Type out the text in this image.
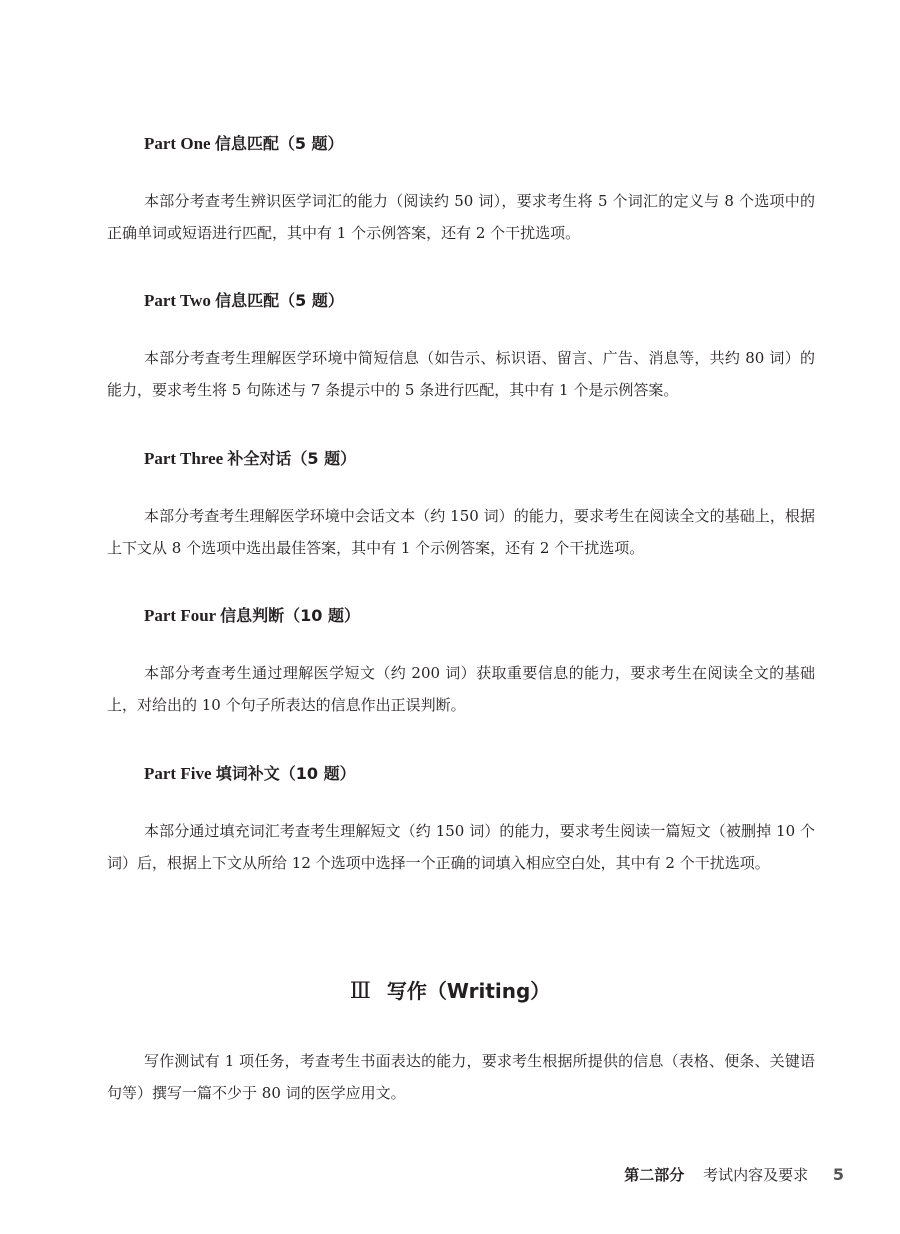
Part One 信息匹配（5 题）

本部分考查考生辨识医学词汇的能力（阅读约 50 词），要求考生将 5 个词汇的定义与 8 个选项中的正确单词或短语进行匹配，其中有 1 个示例答案，还有 2 个干扰选项。

Part Two 信息匹配（5 题）

本部分考查考生理解医学环境中简短信息（如告示、标识语、留言、广告、消息等，共约 80 词）的能力，要求考生将 5 句陈述与 7 条提示中的 5 条进行匹配，其中有 1 个是示例答案。

Part Three 补全对话（5 题）

本部分考查考生理解医学环境中会话文本（约 150 词）的能力，要求考生在阅读全文的基础上，根据上下文从 8 个选项中选出最佳答案，其中有 1 个示例答案，还有 2 个干扰选项。

Part Four 信息判断（10 题）

本部分考查考生通过理解医学短文（约 200 词）获取重要信息的能力，要求考生在阅读全文的基础上，对给出的 10 个句子所表达的信息作出正误判断。

Part Five 填词补文（10 题）

本部分通过填充词汇考查考生理解短文（约 150 词）的能力，要求考生阅读一篇短文（被删掉 10 个词）后，根据上下文从所给 12 个选项中选择一个正确的词填入相应空白处，其中有 2 个干扰选项。

Ⅲ 写作（Writing）

写作测试有 1 项任务，考查考生书面表达的能力，要求考生根据所提供的信息（表格、便条、关键语句等）撰写一篇不少于 80 词的医学应用文。

第二部分 考试内容及要求 5
